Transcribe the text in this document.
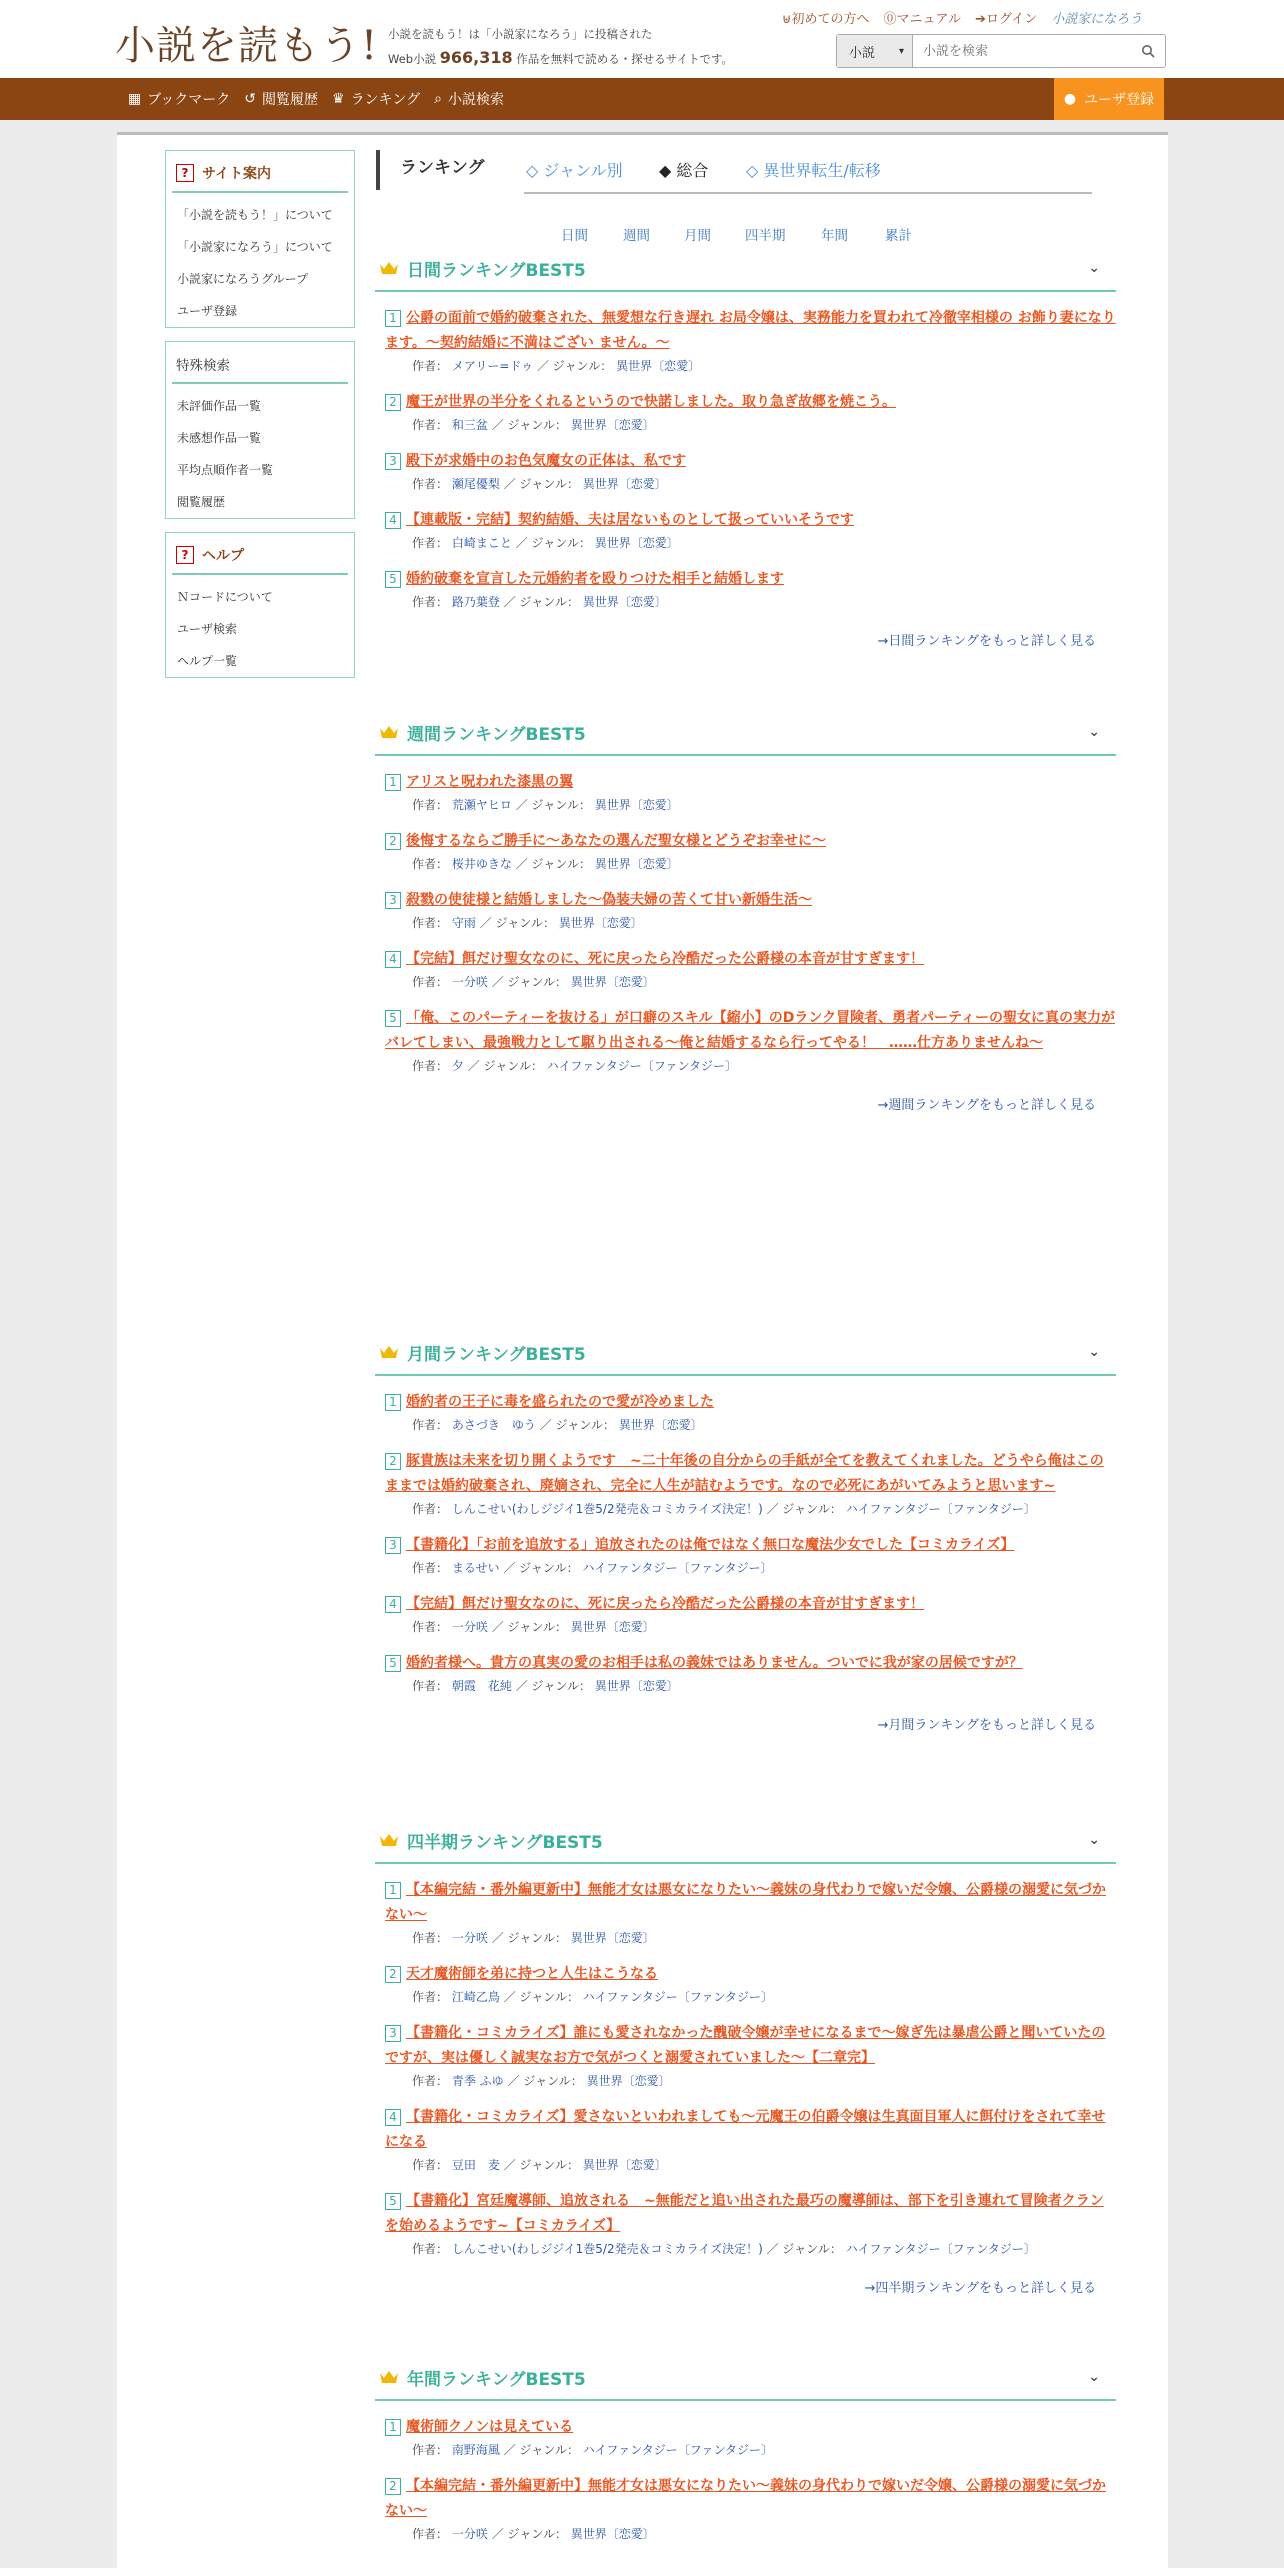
小説を読もう! 小説を読もう！は「小説家になろう」に投稿された
Web小説 966,318 作品を無料で読める・探せるサイトです。
⊎初めての方へ ⓪マニュアル ➔ログイン 小説家になろう
小説 ▾
小説を検索
▦ ブックマーク ↺ 閲覧履歴 ♛ ランキング ⌕ 小説検索	● ユーザ登録
? サイト案内
「小説を読もう！」について
「小説家になろう」について
小説家になろうグループ
ユーザ登録
特殊検索
未評価作品一覧
未感想作品一覧
平均点順作者一覧
閲覧履歴
? ヘルプ
Ｎコードについて
ユーザ検索
ヘルプ一覧
ランキング	◇ ジャンル別 ◆ 総合 ◇ 異世界転生/転移
日間	週間	月間	四半期	年間	累計
日間ランキングBEST5	⌄
1 公爵の面前で婚約破棄された、無愛想な行き遅れ お局令嬢は、実務能力を買われて冷徹宰相様の お飾り妻になります。～契約結婚に不満はござい ません。～
作者： メアリー=ドゥ ／ ジャンル： 異世界〔恋愛〕
2 魔王が世界の半分をくれるというので快諾しました。取り急ぎ故郷を焼こう。
作者： 和三盆 ／ ジャンル： 異世界〔恋愛〕
3 殿下が求婚中のお色気魔女の正体は、私です
作者： 瀬尾優梨 ／ ジャンル： 異世界〔恋愛〕
4 【連載版・完結】契約結婚、夫は居ないものとして扱っていいそうです
作者： 白崎まこと ／ ジャンル： 異世界〔恋愛〕
5 婚約破棄を宣言した元婚約者を殴りつけた相手と結婚します
作者： 路乃葉登 ／ ジャンル： 異世界〔恋愛〕
→日間ランキングをもっと詳しく見る
週間ランキングBEST5	⌄
1 アリスと呪われた漆黒の翼
作者： 荒瀬ヤヒロ ／ ジャンル： 異世界〔恋愛〕
2 後悔するならご勝手に～あなたの選んだ聖女様とどうぞお幸せに～
作者： 桜井ゆきな ／ ジャンル： 異世界〔恋愛〕
3 殺戮の使徒様と結婚しました～偽装夫婦の苦くて甘い新婚生活～
作者： 守雨 ／ ジャンル： 異世界〔恋愛〕
4 【完結】餌だけ聖女なのに、死に戻ったら冷酷だった公爵様の本音が甘すぎます！
作者： 一分咲 ／ ジャンル： 異世界〔恋愛〕
5 「俺、このパーティーを抜ける」が口癖のスキル【縮小】のDランク冒険者、勇者パーティーの聖女に真の実力がバレてしまい、最強戦力として駆り出される〜俺と結婚するなら行ってやる！　……仕方ありませんね〜
作者： 夕 ／ ジャンル： ハイファンタジー〔ファンタジー〕
→週間ランキングをもっと詳しく見る
月間ランキングBEST5	⌄
1 婚約者の王子に毒を盛られたので愛が冷めました
作者： あさづき　ゆう ／ ジャンル： 異世界〔恋愛〕
2 豚貴族は未来を切り開くようです　~二十年後の自分からの手紙が全てを教えてくれました。どうやら俺はこのままでは婚約破棄され、廃嫡され、完全に人生が詰むようです。なので必死にあがいてみようと思います~
作者： しんこせい(わしジジイ1巻5/2発売＆コミカライズ決定！) ／ ジャンル： ハイファンタジー〔ファンタジー〕
3 【書籍化】「お前を追放する」追放されたのは俺ではなく無口な魔法少女でした【コミカライズ】
作者： まるせい ／ ジャンル： ハイファンタジー〔ファンタジー〕
4 【完結】餌だけ聖女なのに、死に戻ったら冷酷だった公爵様の本音が甘すぎます！
作者： 一分咲 ／ ジャンル： 異世界〔恋愛〕
5 婚約者様へ。貴方の真実の愛のお相手は私の義妹ではありません。ついでに我が家の居候ですが？
作者： 朝霞　花純 ／ ジャンル： 異世界〔恋愛〕
→月間ランキングをもっと詳しく見る
四半期ランキングBEST5	⌄
1 【本編完結・番外編更新中】無能才女は悪女になりたい～義妹の身代わりで嫁いだ令嬢、公爵様の溺愛に気づかない～
作者： 一分咲 ／ ジャンル： 異世界〔恋愛〕
2 天才魔術師を弟に持つと人生はこうなる
作者： 江崎乙鳥 ／ ジャンル： ハイファンタジー〔ファンタジー〕
3 【書籍化・コミカライズ】誰にも愛されなかった醜破令嬢が幸せになるまで〜嫁ぎ先は暴虐公爵と聞いていたのですが、実は優しく誠実なお方で気がつくと溺愛されていました〜【二章完】
作者： 青季 ふゆ ／ ジャンル： 異世界〔恋愛〕
4 【書籍化・コミカライズ】愛さないといわれましても～元魔王の伯爵令嬢は生真面目軍人に餌付けをされて幸せになる
作者： 豆田　麦 ／ ジャンル： 異世界〔恋愛〕
5 【書籍化】宮廷魔導師、追放される　~無能だと追い出された最巧の魔導師は、部下を引き連れて冒険者クランを始めるようです~【コミカライズ】
作者： しんこせい(わしジジイ1巻5/2発売＆コミカライズ決定！) ／ ジャンル： ハイファンタジー〔ファンタジー〕
→四半期ランキングをもっと詳しく見る
年間ランキングBEST5	⌄
1 魔術師クノンは見えている
作者： 南野海風 ／ ジャンル： ハイファンタジー〔ファンタジー〕
2 【本編完結・番外編更新中】無能才女は悪女になりたい～義妹の身代わりで嫁いだ令嬢、公爵様の溺愛に気づかない～
作者： 一分咲 ／ ジャンル： 異世界〔恋愛〕
